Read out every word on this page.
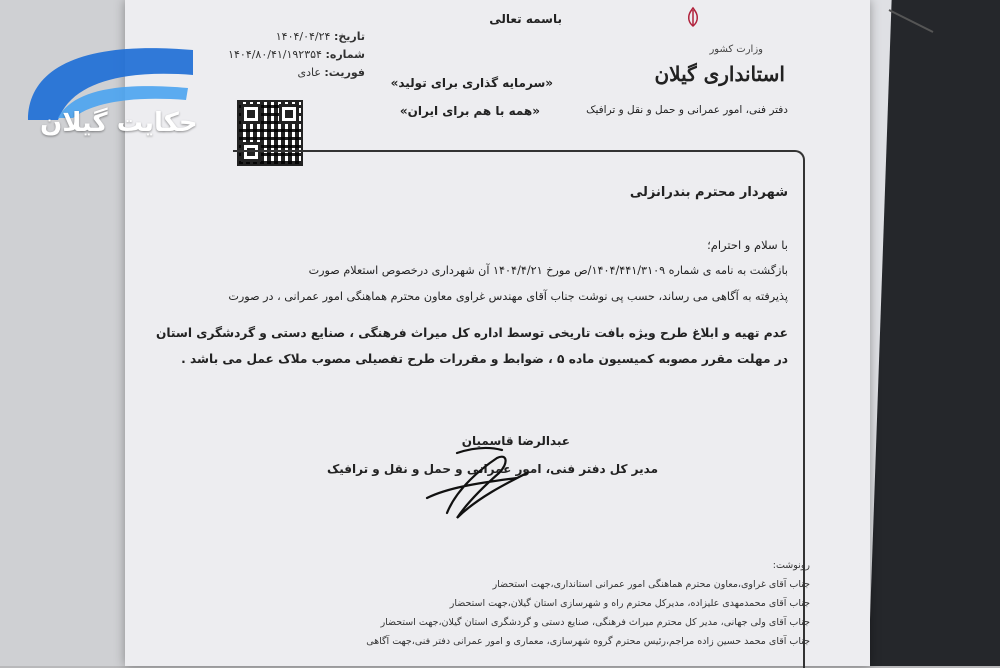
وزارت کشور
استانداری گیلان
دفتر فنی، امور عمرانی و حمل و نقل و ترافیک
باسمه تعالی
«سرمایه گذاری برای تولید»
«همه با هم برای ایران»
تاریخ: ۱۴۰۴/۰۴/۲۴
شماره: ۱۴۰۴/۸۰/۴۱/۱۹۲۳۵۴
فوریت: عادی
شهردار محترم بندرانزلی
با سلام و احترام؛
بازگشت به نامه ی شماره ۱۴۰۴/۴۴۱/۳۱۰۹/ص مورخ ۱۴۰۴/۴/۲۱ آن شهرداری درخصوص استعلام صورت
پذیرفته به آگاهی می رساند، حسب پی نوشت جناب آقای مهندس غراوی معاون محترم هماهنگی امور عمرانی ، در صورت
عدم تهیه و ابلاغ طرح ویژه بافت تاریخی توسط اداره کل میراث فرهنگی ، صنایع دستی و گردشگری استان
در مهلت مقرر مصوبه کمیسیون ماده ۵ ، ضوابط و مقررات طرح تفصیلی مصوب ملاک عمل می باشد .
عبدالرضا قاسمیان
مدیر کل دفتر فنی، امور عمرانی و حمل و نقل و ترافیک
رونوشت:
جناب آقای غراوی،معاون محترم هماهنگی امور عمرانی استانداری،جهت استحضار
جناب آقای محمدمهدی علیزاده، مدیرکل محترم راه و شهرسازی استان گیلان،جهت استحضار
جناب آقای ولی جهانی، مدیر کل محترم میراث فرهنگی، صنایع دستی و گردشگری استان گیلان،جهت استحضار
جناب آقای محمد حسین زاده مراجم،رئیس محترم گروه شهرسازی، معماری و امور عمرانی دفتر فنی،جهت آگاهی
حکایت گیلان
